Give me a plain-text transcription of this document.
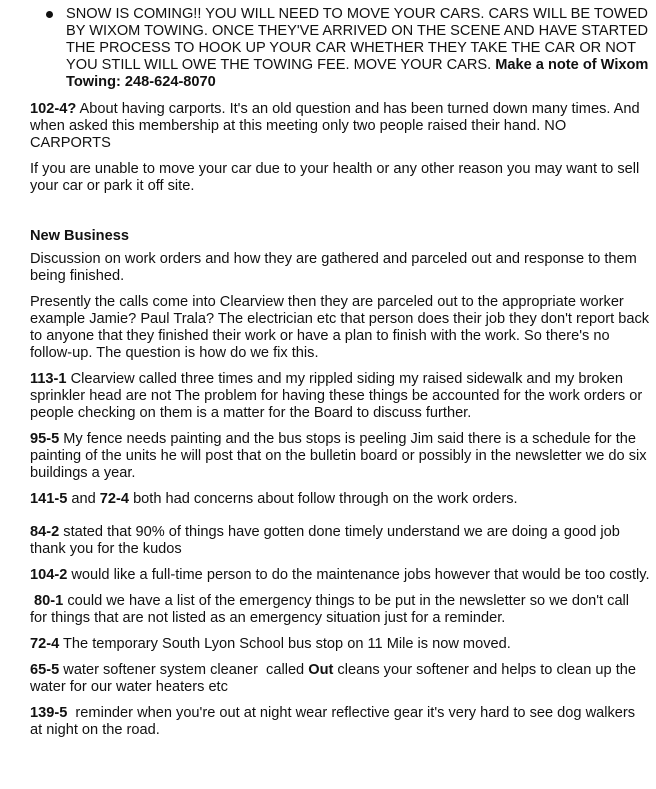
SNOW IS COMING!! YOU WILL NEED TO MOVE YOUR CARS. CARS WILL BE TOWED BY WIXOM TOWING. ONCE THEY'VE ARRIVED ON THE SCENE AND HAVE STARTED THE PROCESS TO HOOK UP YOUR CAR WHETHER THEY TAKE THE CAR OR NOT YOU STILL WILL OWE THE TOWING FEE. MOVE YOUR CARS. Make a note of Wixom Towing: 248-624-8070

102-4? About having carports. It's an old question and has been turned down many times. And when asked this membership at this meeting only two people raised their hand. NO CARPORTS

If you are unable to move your car due to your health or any other reason you may want to sell your car or park it off site.

New Business

Discussion on work orders and how they are gathered and parceled out and response to them being finished.

Presently the calls come into Clearview then they are parceled out to the appropriate worker example Jamie? Paul Trala? The electrician etc that person does their job they don't report back to anyone that they finished their work or have a plan to finish with the work. So there's no follow-up. The question is how do we fix this.

113-1 Clearview called three times and my rippled siding my raised sidewalk and my broken sprinkler head are not The problem for having these things be accounted for the work orders or people checking on them is a matter for the Board to discuss further.

95-5 My fence needs painting and the bus stops is peeling Jim said there is a schedule for the painting of the units he will post that on the bulletin board or possibly in the newsletter we do six buildings a year.

141-5 and 72-4 both had concerns about follow through on the work orders.

84-2 stated that 90% of things have gotten done timely understand we are doing a good job thank you for the kudos

104-2 would like a full-time person to do the maintenance jobs however that would be too costly.

80-1 could we have a list of the emergency things to be put in the newsletter so we don't call for things that are not listed as an emergency situation just for a reminder.

72-4 The temporary South Lyon School bus stop on 11 Mile is now moved.

65-5 water softener system cleaner  called Out cleans your softener and helps to clean up the water for our water heaters etc

139-5  reminder when you're out at night wear reflective gear it's very hard to see dog walkers at night on the road.
